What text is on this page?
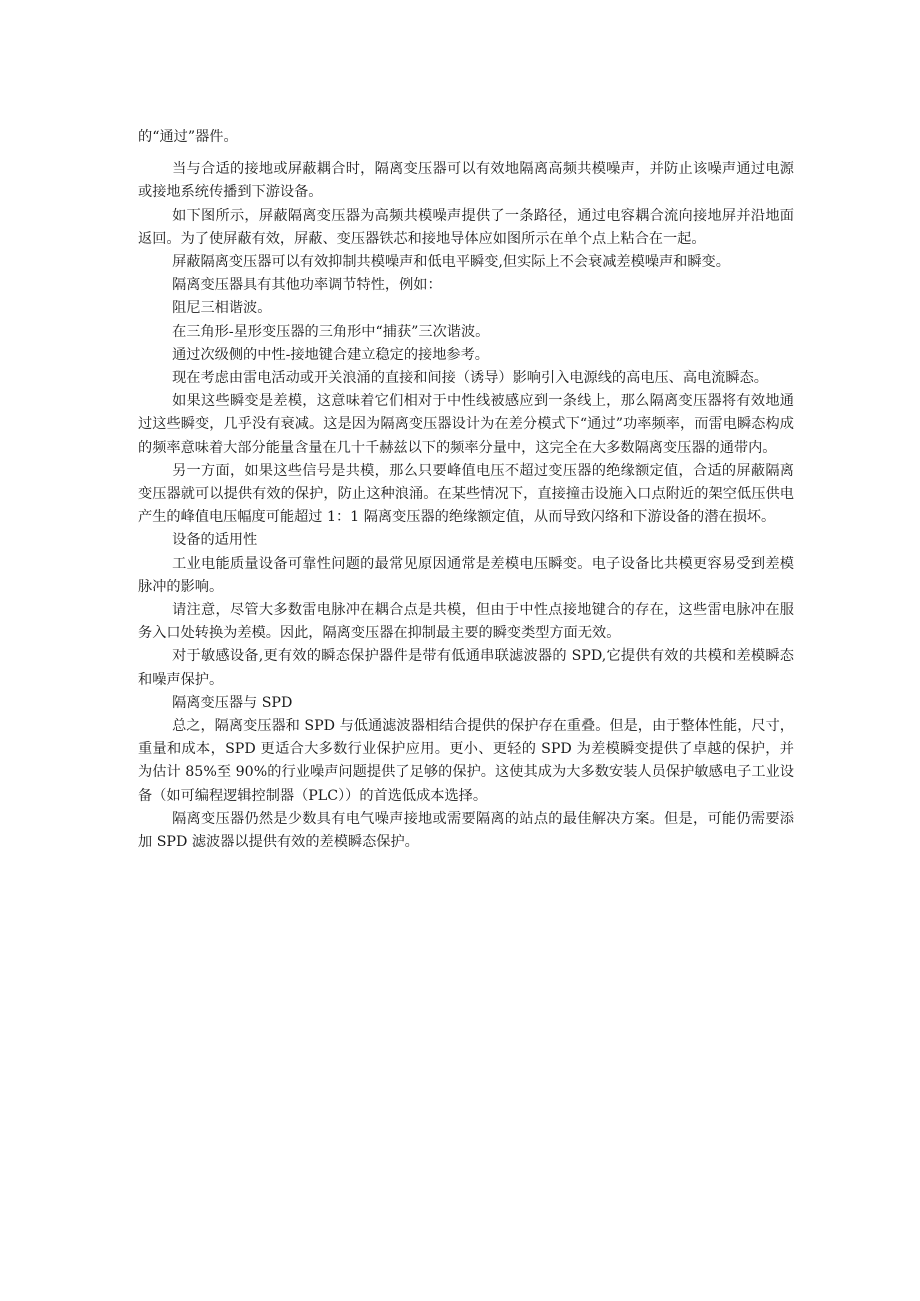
的“通过”器件。

当与合适的接地或屏蔽耦合时，隔离变压器可以有效地隔离高频共模噪声，并防止该噪声通过电源或接地系统传播到下游设备。

如下图所示，屏蔽隔离变压器为高频共模噪声提供了一条路径，通过电容耦合流向接地屏并沿地面返回。为了使屏蔽有效，屏蔽、变压器铁芯和接地导体应如图所示在单个点上粘合在一起。

屏蔽隔离变压器可以有效抑制共模噪声和低电平瞬变,但实际上不会衰减差模噪声和瞬变。

隔离变压器具有其他功率调节特性，例如：

阻尼三相谐波。

在三角形-星形变压器的三角形中“捕获”三次谐波。

通过次级侧的中性-接地键合建立稳定的接地参考。

现在考虑由雷电活动或开关浪涌的直接和间接（诱导）影响引入电源线的高电压、高电流瞬态。

如果这些瞬变是差模，这意味着它们相对于中性线被感应到一条线上，那么隔离变压器将有效地通过这些瞬变，几乎没有衰减。这是因为隔离变压器设计为在差分模式下“通过”功率频率，而雷电瞬态构成的频率意味着大部分能量含量在几十千赫兹以下的频率分量中，这完全在大多数隔离变压器的通带内。

另一方面，如果这些信号是共模，那么只要峰值电压不超过变压器的绝缘额定值，合适的屏蔽隔离变压器就可以提供有效的保护，防止这种浪涌。在某些情况下，直接撞击设施入口点附近的架空低压供电产生的峰值电压幅度可能超过 1：1 隔离变压器的绝缘额定值，从而导致闪络和下游设备的潜在损坏。

设备的适用性

工业电能质量设备可靠性问题的最常见原因通常是差模电压瞬变。电子设备比共模更容易受到差模脉冲的影响。

请注意，尽管大多数雷电脉冲在耦合点是共模，但由于中性点接地键合的存在，这些雷电脉冲在服务入口处转换为差模。因此，隔离变压器在抑制最主要的瞬变类型方面无效。

对于敏感设备,更有效的瞬态保护器件是带有低通串联滤波器的 SPD,它提供有效的共模和差模瞬态和噪声保护。

隔离变压器与 SPD

总之，隔离变压器和 SPD 与低通滤波器相结合提供的保护存在重叠。但是，由于整体性能，尺寸，重量和成本，SPD 更适合大多数行业保护应用。更小、更轻的 SPD 为差模瞬变提供了卓越的保护，并为估计 85%至 90%的行业噪声问题提供了足够的保护。这使其成为大多数安装人员保护敏感电子工业设备（如可编程逻辑控制器（PLC））的首选低成本选择。

隔离变压器仍然是少数具有电气噪声接地或需要隔离的站点的最佳解决方案。但是，可能仍需要添加 SPD 滤波器以提供有效的差模瞬态保护。
